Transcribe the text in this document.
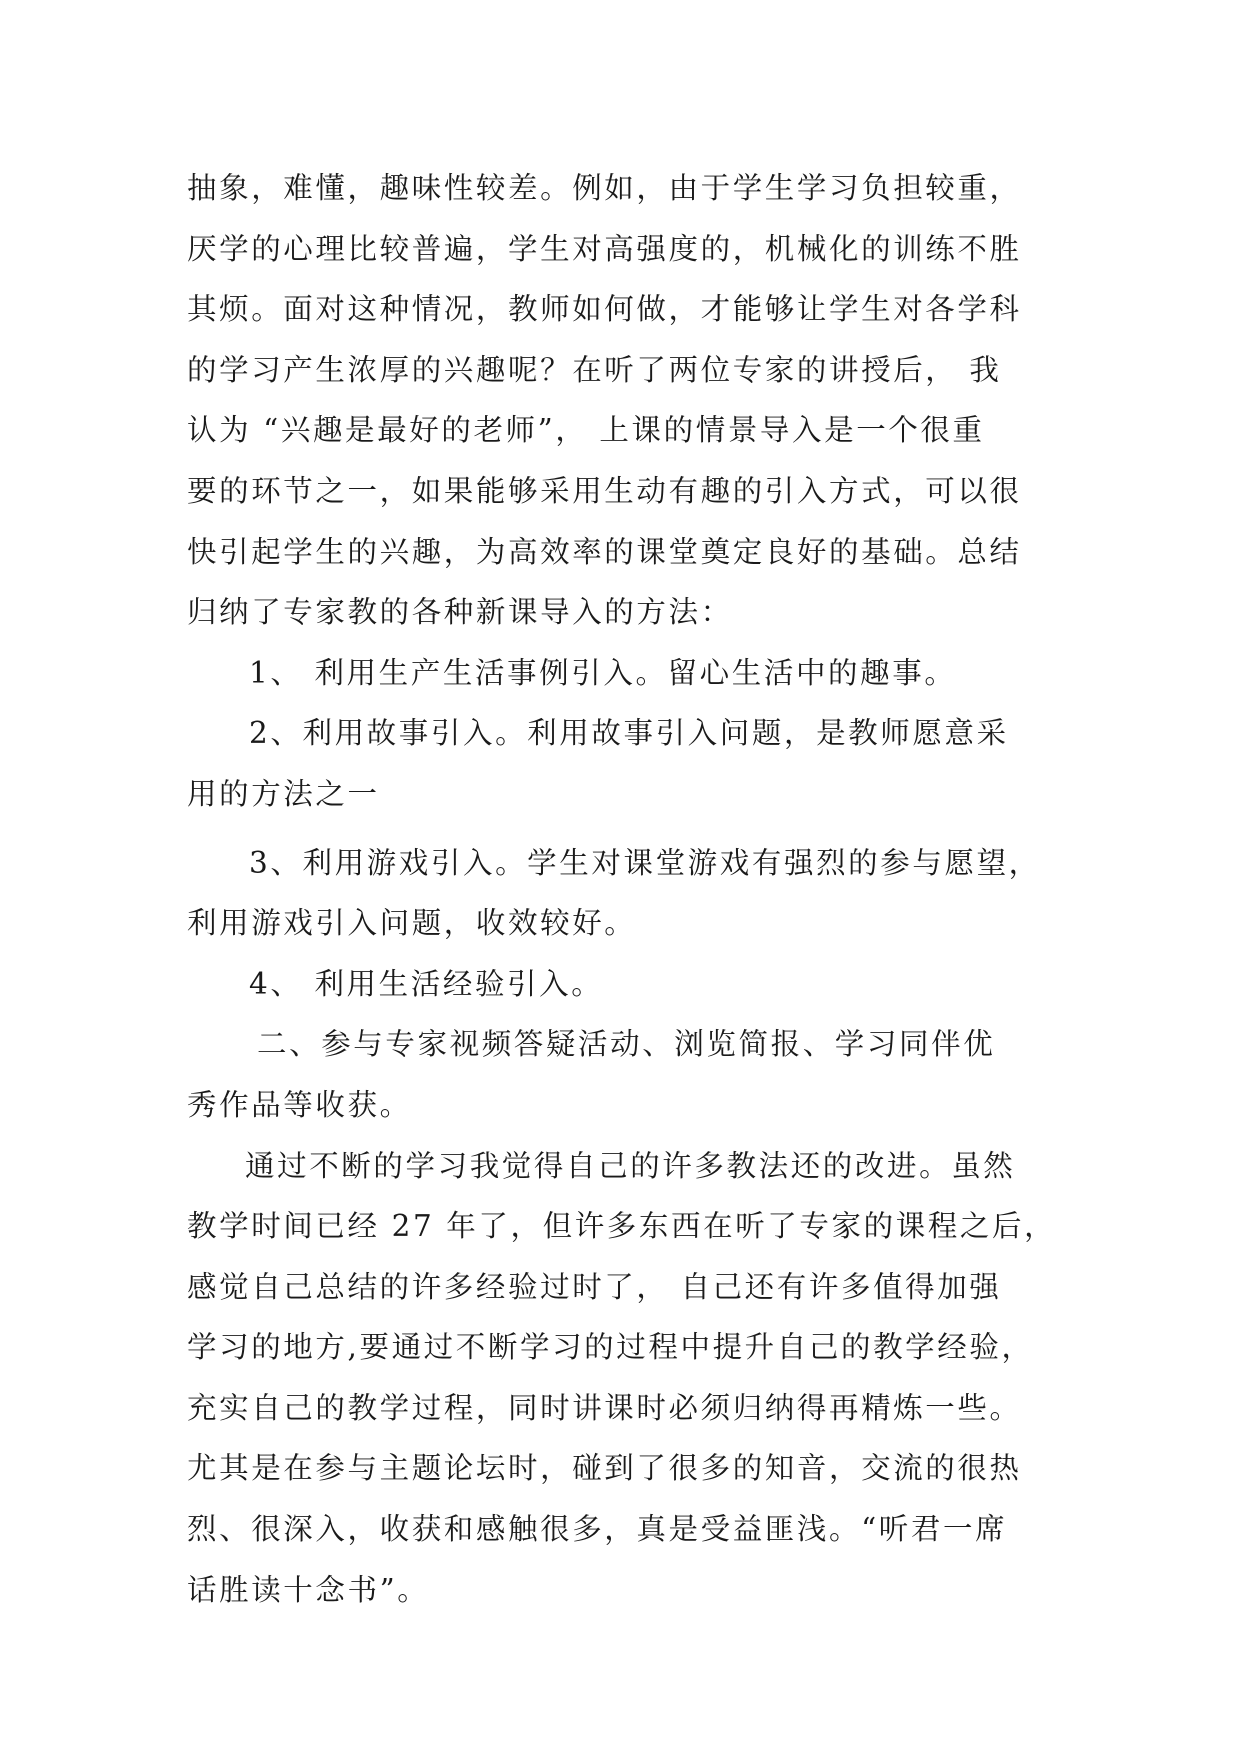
抽象，难懂，趣味性较差。例如，由于学生学习负担较重，
厌学的心理比较普遍，学生对高强度的，机械化的训练不胜
其烦。面对这种情况，教师如何做，才能够让学生对各学科
的学习产生浓厚的兴趣呢？在听了两位专家的讲授后， 我
认为 “兴趣是最好的老师”， 上课的情景导入是一个很重
要的环节之一，如果能够采用生动有趣的引入方式，可以很
快引起学生的兴趣，为高效率的课堂奠定良好的基础。总结
归纳了专家教的各种新课导入的方法：
1、 利用生产生活事例引入。留心生活中的趣事。
2、利用故事引入。利用故事引入问题，是教师愿意采
用的方法之一
3、利用游戏引入。学生对课堂游戏有强烈的参与愿望，
利用游戏引入问题，收效较好。
4、 利用生活经验引入。
二、参与专家视频答疑活动、浏览简报、学习同伴优
秀作品等收获。
通过不断的学习我觉得自己的许多教法还的改进。虽然
教学时间已经 27 年了，但许多东西在听了专家的课程之后，
感觉自己总结的许多经验过时了， 自己还有许多值得加强
学习的地方,要通过不断学习的过程中提升自己的教学经验，
充实自己的教学过程，同时讲课时必须归纳得再精炼一些。
尤其是在参与主题论坛时，碰到了很多的知音，交流的很热
烈、很深入，收获和感触很多，真是受益匪浅。“听君一席
话胜读十念书”。
